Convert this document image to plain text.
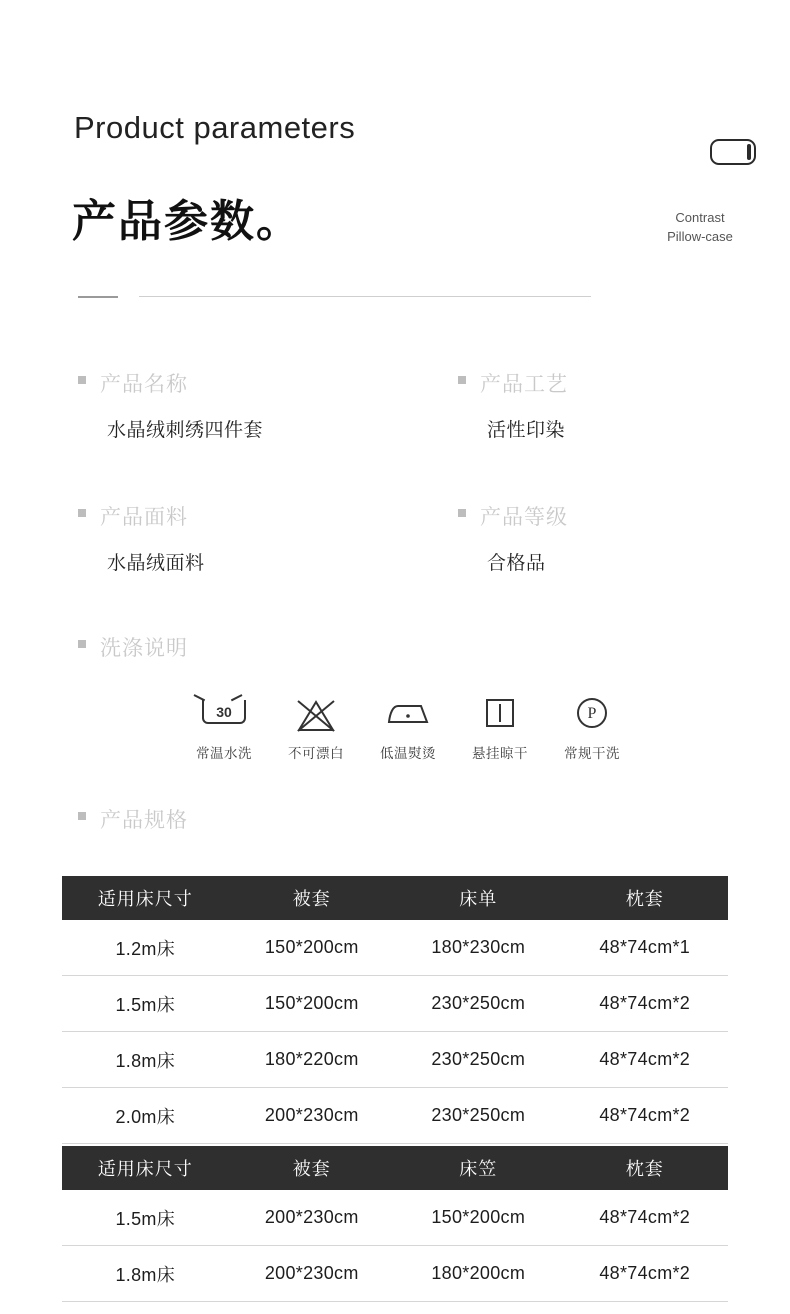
Product parameters
产品参数。	Contrast
Pillow-case
产品名称
水晶绒刺绣四件套
产品工艺
活性印染
产品面料
水晶绒面料
产品等级
合格品
洗涤说明
产品规格
30
常温水洗	不可漂白	低温熨烫	悬挂晾干
P
常规干洗
适用床尺寸	被套	床单	枕套
1.2m床	150*200cm	180*230cm	48*74cm*1
1.5m床	150*200cm	230*250cm	48*74cm*2
1.8m床	180*220cm	230*250cm	48*74cm*2
2.0m床	200*230cm	230*250cm	48*74cm*2
适用床尺寸	被套	床笠	枕套
1.5m床	200*230cm	150*200cm	48*74cm*2
1.8m床	200*230cm	180*200cm	48*74cm*2
